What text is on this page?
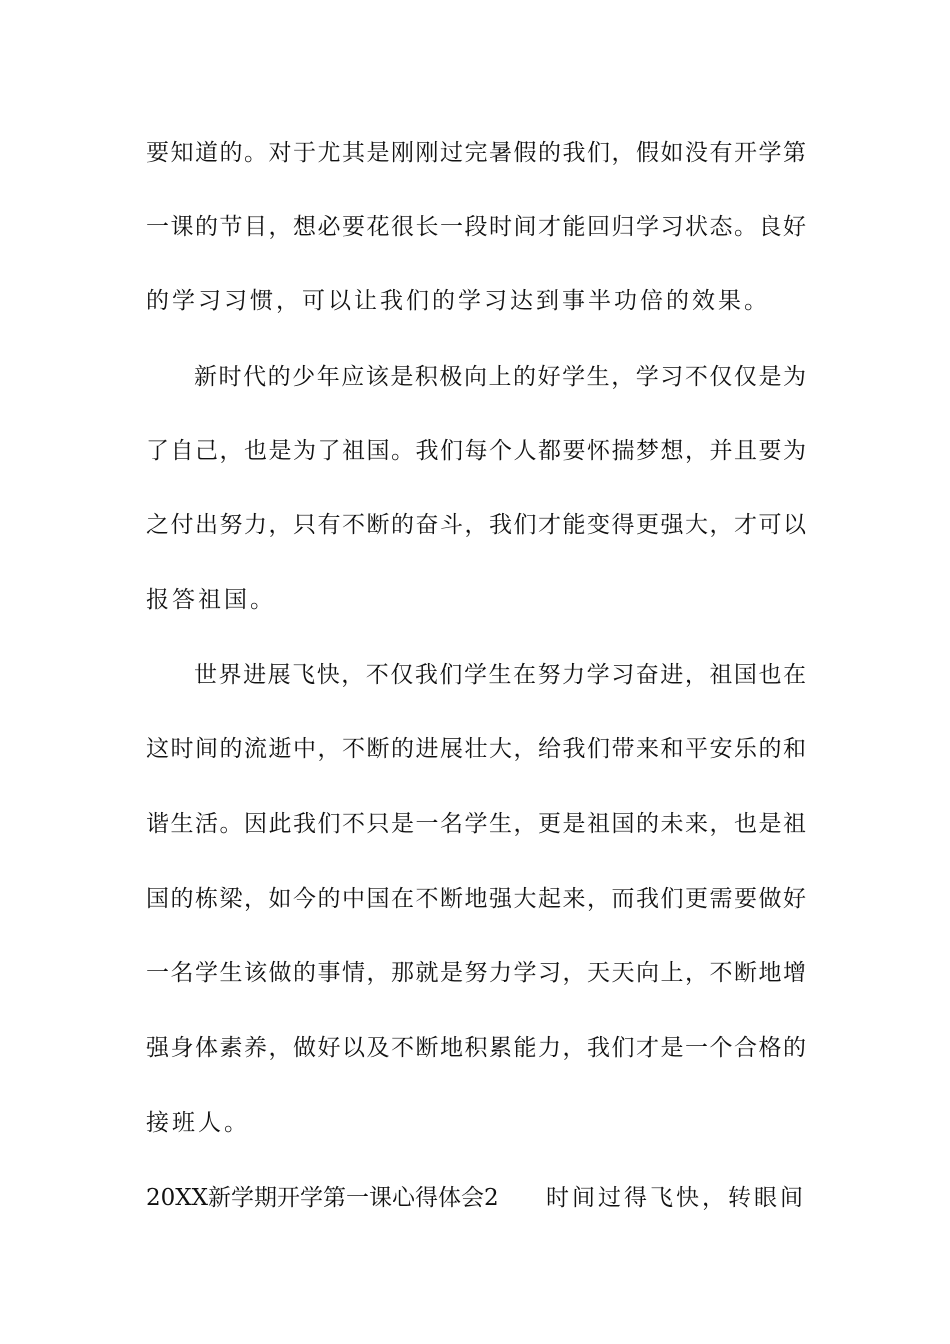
要知道的。对于尤其是刚刚过完暑假的我们，假如没有开学第
一课的节目，想必要花很长一段时间才能回归学习状态。良好
的学习习惯，可以让我们的学习达到事半功倍的效果。
新时代的少年应该是积极向上的好学生，学习不仅仅是为
了自己，也是为了祖国。我们每个人都要怀揣梦想，并且要为
之付出努力，只有不断的奋斗，我们才能变得更强大，才可以
报答祖国。
世界进展飞快，不仅我们学生在努力学习奋进，祖国也在
这时间的流逝中，不断的进展壮大，给我们带来和平安乐的和
谐生活。因此我们不只是一名学生，更是祖国的未来，也是祖
国的栋梁，如今的中国在不断地强大起来，而我们更需要做好
一名学生该做的事情，那就是努力学习，天天向上，不断地增
强身体素养，做好以及不断地积累能力，我们才是一个合格的
接班人。
20XX新学期开学第一课心得体会2 时间过得飞快，转眼间
